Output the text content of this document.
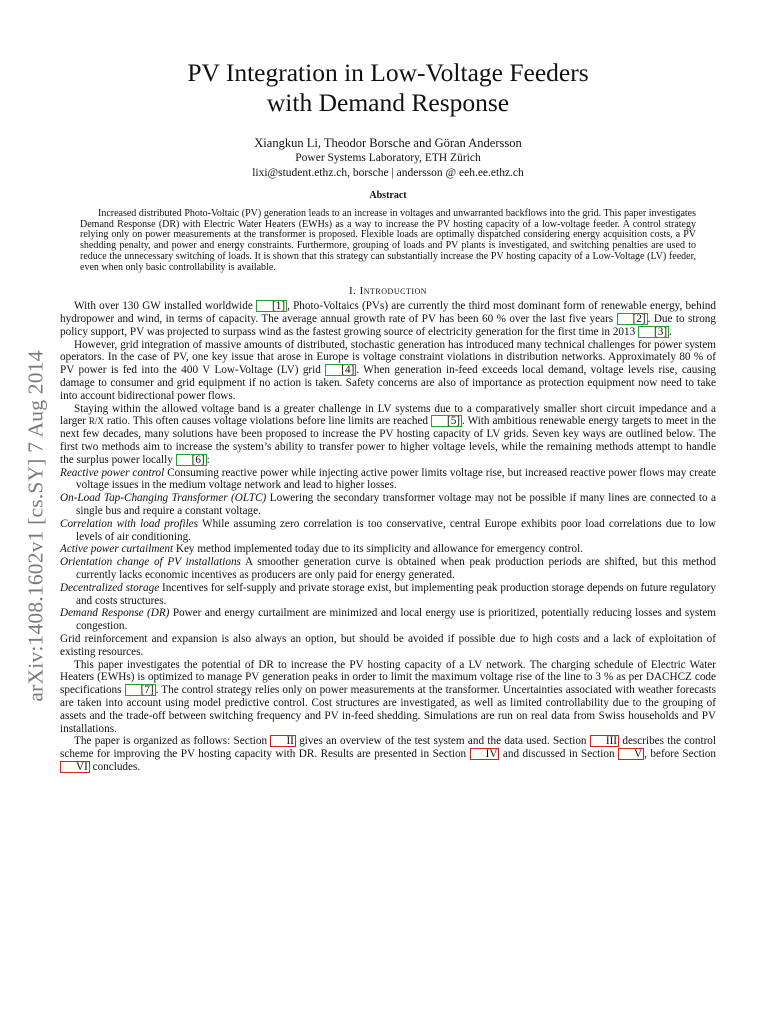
arXiv:1408.1602v1 [cs.SY] 7 Aug 2014
PV Integration in Low-Voltage Feeders
with Demand Response
Xiangkun Li, Theodor Borsche and Göran Andersson
Power Systems Laboratory, ETH Zürich
lixi@student.ethz.ch, borsche | andersson @ eeh.ee.ethz.ch
Abstract

Increased distributed Photo-Voltaic (PV) generation leads to an increase in voltages and unwarranted backflows into the grid. This paper investigates Demand Response (DR) with Electric Water Heaters (EWHs) as a way to increase the PV hosting capacity of a low-voltage feeder. A control strategy relying only on power measurements at the transformer is proposed. Flexible loads are optimally dispatched considering energy acquisition costs, a PV shedding penalty, and power and energy constraints. Furthermore, grouping of loads and PV plants is investigated, and switching penalties are used to reduce the unnecessary switching of loads. It is shown that this strategy can substantially increase the PV hosting capacity of a Low-Voltage (LV) feeder, even when only basic controllability is available.

I. Introduction

With over 130 GW installed worldwide [1] , Photo-Voltaics (PVs) are currently the third most dominant form of renewable energy, behind hydropower and wind, in terms of capacity. The average annual growth rate of PV has been 60 % over the last five years [2] . Due to strong policy support, PV was projected to surpass wind as the fastest growing source of electricity generation for the first time in 2013 [3] .

However, grid integration of massive amounts of distributed, stochastic generation has introduced many technical challenges for power system operators. In the case of PV, one key issue that arose in Europe is voltage constraint violations in distribution networks. Approximately 80 % of PV power is fed into the 400 V Low-Voltage (LV) grid [4] . When generation in-feed exceeds local demand, voltage levels rise, causing damage to consumer and grid equipment if no action is taken. Safety concerns are also of importance as protection equipment now need to take into account bidirectional power flows.

Staying within the allowed voltage band is a greater challenge in LV systems due to a comparatively smaller short circuit impedance and a larger R/X ratio. This often causes voltage violations before line limits are reached [5] . With ambitious renewable energy targets to meet in the next few decades, many solutions have been proposed to increase the PV hosting capacity of LV grids. Seven key ways are outlined below. The first two methods aim to increase the system’s ability to transfer power to higher voltage levels, while the remaining methods attempt to handle the surplus power locally [6] :

Reactive power control Consuming reactive power while injecting active power limits voltage rise, but increased reactive power flows may create voltage issues in the medium voltage network and lead to higher losses.
On-Load Tap-Changing Transformer (OLTC) Lowering the secondary transformer voltage may not be possible if many lines are connected to a single bus and require a constant voltage.
Correlation with load profiles While assuming zero correlation is too conservative, central Europe exhibits poor load correlations due to low levels of air conditioning.
Active power curtailment Key method implemented today due to its simplicity and allowance for emergency control.
Orientation change of PV installations A smoother generation curve is obtained when peak production periods are shifted, but this method currently lacks economic incentives as producers are only paid for energy generated.
Decentralized storage Incentives for self-supply and private storage exist, but implementing peak production storage depends on future regulatory and costs structures.
Demand Response (DR) Power and energy curtailment are minimized and local energy use is prioritized, potentially reducing losses and system congestion.

Grid reinforcement and expansion is also always an option, but should be avoided if possible due to high costs and a lack of exploitation of existing resources.

This paper investigates the potential of DR to increase the PV hosting capacity of a LV network. The charging schedule of Electric Water Heaters (EWHs) is optimized to manage PV generation peaks in order to limit the maximum voltage rise of the line to 3 % as per DACHCZ code specifications [7] . The control strategy relies only on power measurements at the transformer. Uncertainties associated with weather forecasts are taken into account using model predictive control. Cost structures are investigated, as well as limited controllability due to the grouping of assets and the trade-off between switching frequency and PV in-feed shedding. Simulations are run on real data from Swiss households and PV installations.

The paper is organized as follows: Section II gives an overview of the test system and the data used. Section III describes the control scheme for improving the PV hosting capacity with DR. Results are presented in Section IV and discussed in Section V , before Section VI concludes.
